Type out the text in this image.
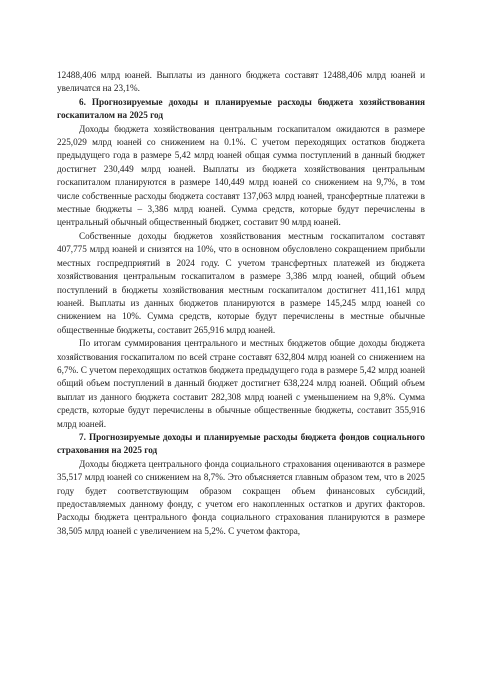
12488,406 млрд юаней. Выплаты из данного бюджета составят 12488,406 млрд юаней и увеличатся на 23,1%.

6. Прогнозируемые доходы и планируемые расходы бюджета хозяйствования госкапиталом на 2025 год

Доходы бюджета хозяйствования центральным госкапиталом ожидаются в размере 225,029 млрд юаней со снижением на 0.1%. С учетом переходящих остатков бюджета предыдущего года в размере 5,42 млрд юаней общая сумма поступлений в данный бюджет достигнет 230,449 млрд юаней. Выплаты из бюджета хозяйствования центральным госкапиталом планируются в размере 140,449 млрд юаней со снижением на 9,7%, в том числе собственные расходы бюджета составят 137,063 млрд юаней, трансфертные платежи в местные бюджеты – 3,386 млрд юаней. Сумма средств, которые будут перечислены в центральный обычный общественный бюджет, составит 90 млрд юаней.

Собственные доходы бюджетов хозяйствования местным госкапиталом составят 407,775 млрд юаней и снизятся на 10%, что в основном обусловлено сокращением прибыли местных госпредприятий в 2024 году. С учетом трансфертных платежей из бюджета хозяйствования центральным госкапиталом в размере 3,386 млрд юаней, общий объем поступлений в бюджеты хозяйствования местным госкапиталом достигнет 411,161 млрд юаней. Выплаты из данных бюджетов планируются в размере 145,245 млрд юаней со снижением на 10%. Сумма средств, которые будут перечислены в местные обычные общественные бюджеты, составит 265,916 млрд юаней.

По итогам суммирования центрального и местных бюджетов общие доходы бюджета хозяйствования госкапиталом по всей стране составят 632,804 млрд юаней со снижением на 6,7%. С учетом переходящих остатков бюджета предыдущего года в размере 5,42 млрд юаней общий объем поступлений в данный бюджет достигнет 638,224 млрд юаней. Общий объем выплат из данного бюджета составит 282,308 млрд юаней с уменьшением на 9,8%. Сумма средств, которые будут перечислены в обычные общественные бюджеты, составит 355,916 млрд юаней.

7. Прогнозируемые доходы и планируемые расходы бюджета фондов социального страхования на 2025 год

Доходы бюджета центрального фонда социального страхования оцениваются в размере 35,517 млрд юаней со снижением на 8,7%. Это объясняется главным образом тем, что в 2025 году будет соответствующим образом сокращен объем финансовых субсидий, предоставляемых данному фонду, с учетом его накопленных остатков и других факторов. Расходы бюджета центрального фонда социального страхования планируются в размере 38,505 млрд юаней с увеличением на 5,2%. С учетом фактора,
